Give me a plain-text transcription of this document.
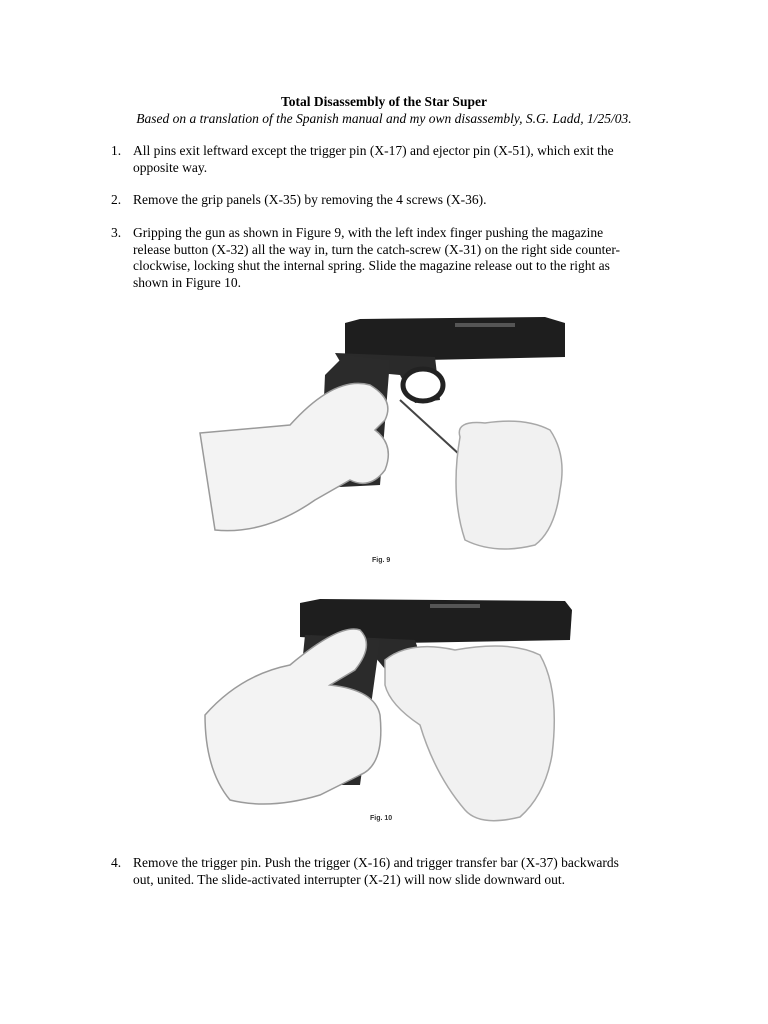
Total Disassembly of the Star Super
Based on a translation of the Spanish manual and my own disassembly, S.G. Ladd, 1/25/03.
1. All pins exit leftward except the trigger pin (X-17) and ejector pin (X-51), which exit the opposite way.
2. Remove the grip panels (X-35) by removing the 4 screws (X-36).
3. Gripping the gun as shown in Figure 9, with the left index finger pushing the magazine release button (X-32) all the way in, turn the catch-screw (X-31) on the right side counter-clockwise, locking shut the internal spring. Slide the magazine release out to the right as shown in Figure 10.
Fig. 9
Fig. 10
4. Remove the trigger pin. Push the trigger (X-16) and trigger transfer bar (X-37) backwards out, united. The slide-activated interrupter (X-21) will now slide downward out.
